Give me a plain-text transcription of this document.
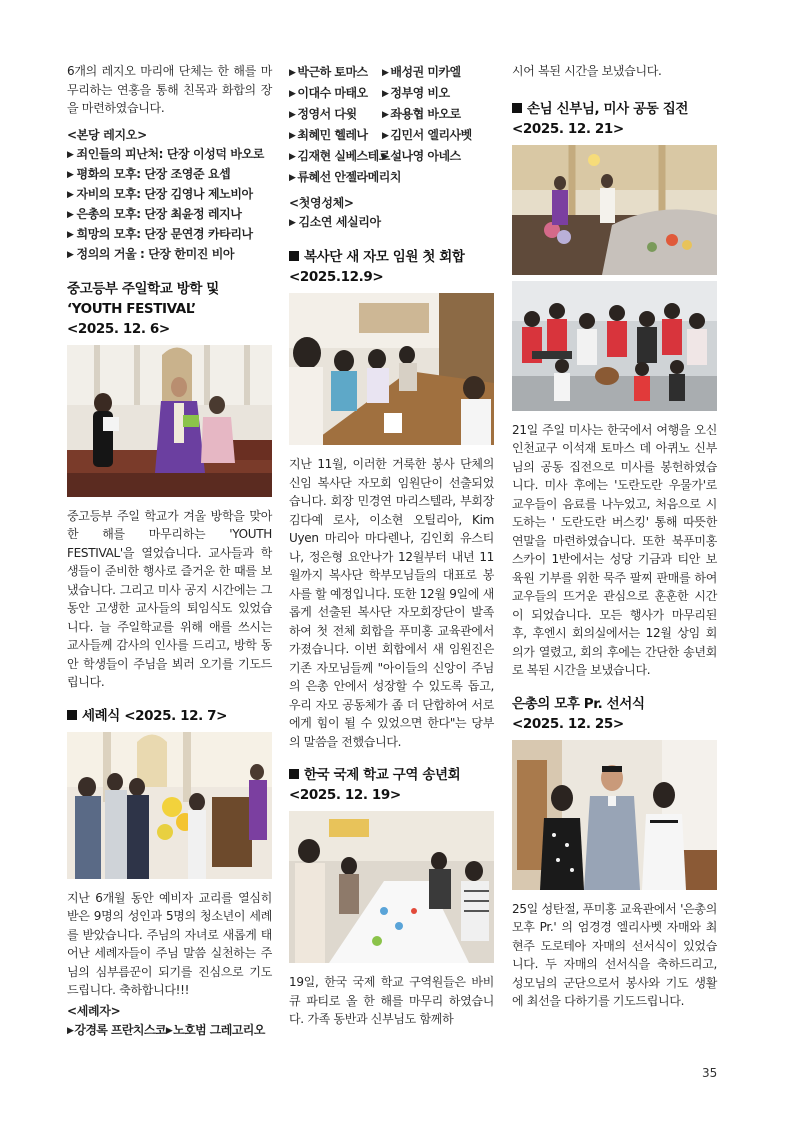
6개의 레지오 마리애 단체는 한 해를 마무리하는 연홍을 통해 친목과 화합의 장을 마련하였습니다.

<본당 레지오>
▶ 죄인들의 피난처: 단장 이성덕 바오로
▶ 평화의 모후: 단장 조영준 요셉
▶ 자비의 모후: 단장 김영나 제노비아
▶ 은총의 모후: 단장 최윤정 레지나
▶ 희망의 모후: 단장 문연경 카타리나
▶ 정의의 거울 : 단장 한미진 비아
중고등부 주일학교 방학 및 ‘YOUTH FESTIVAL’
<2025. 12. 6>

중고등부 주일 학교가 겨울 방학을 맞아 한 해를 마무리하는 'YOUTH FESTIVAL'을 열었습니다. 교사들과 학생들이 준비한 행사로 즐거운 한 때를 보냈습니다. 그리고 미사 공지 시간에는 그동안 고생한 교사들의 퇴임식도 있었습니다. 늘 주일학교를 위해 애를 쓰시는 교사들께 감사의 인사를 드리고, 방학 동안 학생들이 주님을 뵈러 오기를 기도드립니다.

세례식 <2025. 12. 7>

지난 6개월 동안 예비자 교리를 열심히 받은 9명의 성인과 5명의 청소년이 세례를 받았습니다. 주님의 자녀로 새롭게 태어난 세례자들이 주님 말씀 실천하는 주님의 심부름꾼이 되기를 진심으로 기도드립니다. 축하합니다!!!

<세례자>
▶ 강경록 프란치스코 ▶ 노호범 그레고리오
▶ 박근하 토마스	▶ 배성권 미카엘
▶ 이대수 마태오	▶ 정부영 비오
▶ 정영서 다윗	▶ 좌용협 바오로
▶ 최혜민 헬레나	▶ 김민서 엘리사벳
▶ 김재현 실베스테르 ▶ 설나영 아네스
▶ 류혜선 안젤라메리치
<첫영성체>
▶ 김소연 세실리아
복사단 새 자모 임원 첫 회합
<2025.12.9>

지난 11월, 이러한 거룩한 봉사 단체의 신임 복사단 자모회 임원단이 선출되었습니다. 회장 민경연 마리스텔라, 부회장 김다예 로사, 이소현 오틸리아, Kim Uyen 마리아 마다렌나, 김인회 유스티나, 정은형 요안나가 12월부터 내년 11월까지 복사단 학부모님들의 대표로 봉사를 할 예정입니다. 또한 12월 9일에 새롭게 선출된 복사단 자모회장단이 발족하여 첫 전체 회합을 푸미홍 교육관에서 가졌습니다. 이번 회합에서 새 임원진은 기존 자모님들께 "아이들의 신앙이 주님의 은총 안에서 성장할 수 있도록 돕고, 우리 자모 공동체가 좀 더 단합하여 서로에게 힘이 될 수 있었으면 한다"는 당부의 말씀을 전했습니다.

한국 국제 학교 구역 송년회
<2025. 12. 19>

19일, 한국 국제 학교 구역원들은 바비큐 파티로 올 한 해를 마무리 하였습니다. 가족 동반과 신부님도 함께하

시어 복된 시간을 보냈습니다.

손님 신부님, 미사 공동 집전
<2025. 12. 21>

21일 주일 미사는 한국에서 여행을 오신 인천교구 이석재 토마스 데 아퀴노 신부님의 공동 집전으로 미사를 봉헌하였습니다. 미사 후에는 '도란도란 우물가'로 교우들이 음료를 나누었고, 처음으로 시도하는 ' 도란도란 버스킹' 통해 따뜻한 연말을 마련하였습니다. 또한 북푸미홍 스카이 1반에서는 성당 기금과 티안 보육원 기부를 위한 묵주 팔찌 판매를 하여 교우들의 뜨거운 관심으로 훈훈한 시간이 되었습니다. 모든 행사가 마무리된 후, 후엔시 회의실에서는 12월 상임 회의가 열렸고, 회의 후에는 간단한 송년회로 복된 시간을 보냈습니다.

은총의 모후 Pr. 선서식
<2025. 12. 25>

25일 성탄절, 푸미홍 교육관에서 '은총의 모후 Pr.' 의 엄경경 엘리사벳 자매와 최현주 도로테아 자매의 선서식이 있었습니다. 두 자매의 선서식을 축하드리고, 성모님의 군단으로서 봉사와 기도 생활에 최선을 다하기를 기도드립니다.

35
